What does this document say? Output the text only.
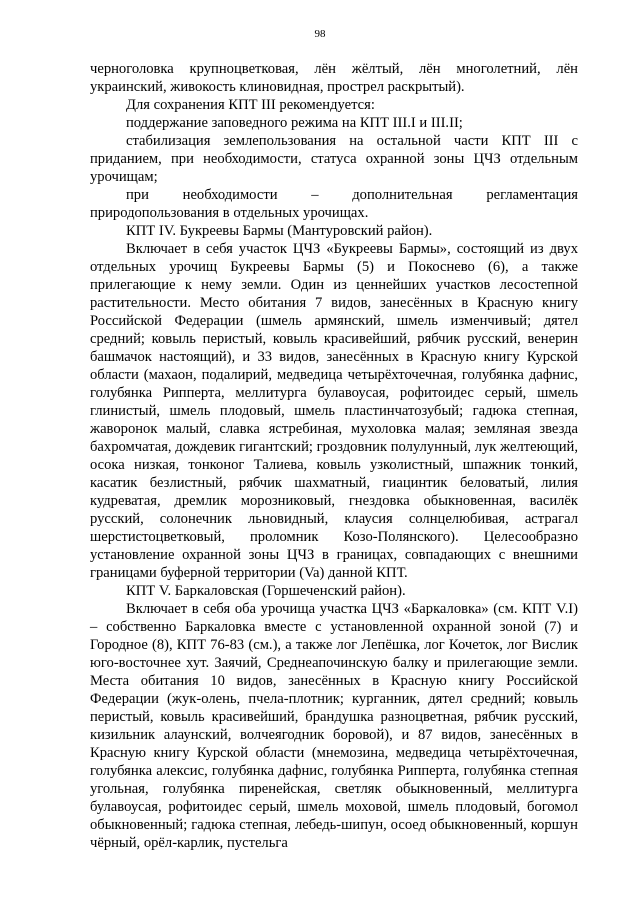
98

черноголовка крупноцветковая, лён жёлтый, лён многолетний, лён украинский, живокость клиновидная, прострел раскрытый).

Для сохранения КПТ III рекомендуется:

поддержание заповедного режима на КПТ III.I и III.II;

стабилизация землепользования на остальной части КПТ III с приданием, при необходимости, статуса охранной зоны ЦЧЗ отдельным урочищам;

при необходимости – дополнительная регламентация природопользования в отдельных урочищах.

КПТ IV. Букреевы Бармы (Мантуровский район).

Включает в себя участок ЦЧЗ «Букреевы Бармы», состоящий из двух отдельных урочищ Букреевы Бармы (5) и Покоснево (6), а также прилегающие к нему земли. Один из ценнейших участков лесостепной растительности. Место обитания 7 видов, занесённых в Красную книгу Российской Федерации (шмель армянский, шмель изменчивый; дятел средний; ковыль перистый, ковыль красивейший, рябчик русский, венерин башмачок настоящий), и 33 видов, занесённых в Красную книгу Курской области (махаон, подалирий, медведица четырёхточечная, голубянка дафнис, голубянка Рипперта, меллитурга булавоусая, рофитоидес серый, шмель глинистый, шмель плодовый, шмель пластинчатозубый; гадюка степная, жаворонок малый, славка ястребиная, мухоловка малая; земляная звезда бахромчатая, дождевик гигантский; гроздовник полулунный, лук желтеющий, осока низкая, тонконог Талиева, ковыль узколистный, шпажник тонкий, касатик безлистный, рябчик шахматный, гиацинтик беловатый, лилия кудреватая, дремлик морозниковый, гнездовка обыкновенная, василёк русский, солонечник льновидный, клаусия солнцелюбивая, астрагал шерстистоцветковый, проломник Козо-Полянского). Целесообразно установление охранной зоны ЦЧЗ в границах, совпадающих с внешними границами буферной территории (Va) данной КПТ.

КПТ V. Баркаловская (Горшеченский район).

Включает в себя оба урочища участка ЦЧЗ «Баркаловка» (см. КПТ V.I) – собственно Баркаловка вместе с установленной охранной зоной (7) и Городное (8), КПТ 76-83 (см.), а также лог Лепёшка, лог Кочеток, лог Вислик юго-восточнее хут. Заячий, Среднеапочинскую балку и прилегающие земли. Места обитания 10 видов, занесённых в Красную книгу Российской Федерации (жук-олень, пчела-плотник; курганник, дятел средний; ковыль перистый, ковыль красивейший, брандушка разноцветная, рябчик русский, кизильник алаунский, волчеягодник боровой), и 87 видов, занесённых в Красную книгу Курской области (мнемозина, медведица четырёхточечная, голубянка алексис, голубянка дафнис, голубянка Рипперта, голубянка степная угольная, голубянка пиренейская, светляк обыкновенный, меллитурга булавоусая, рофитоидес серый, шмель моховой, шмель плодовый, богомол обыкновенный; гадюка степная, лебедь-шипун, осоед обыкновенный, коршун чёрный, орёл-карлик, пустельга
